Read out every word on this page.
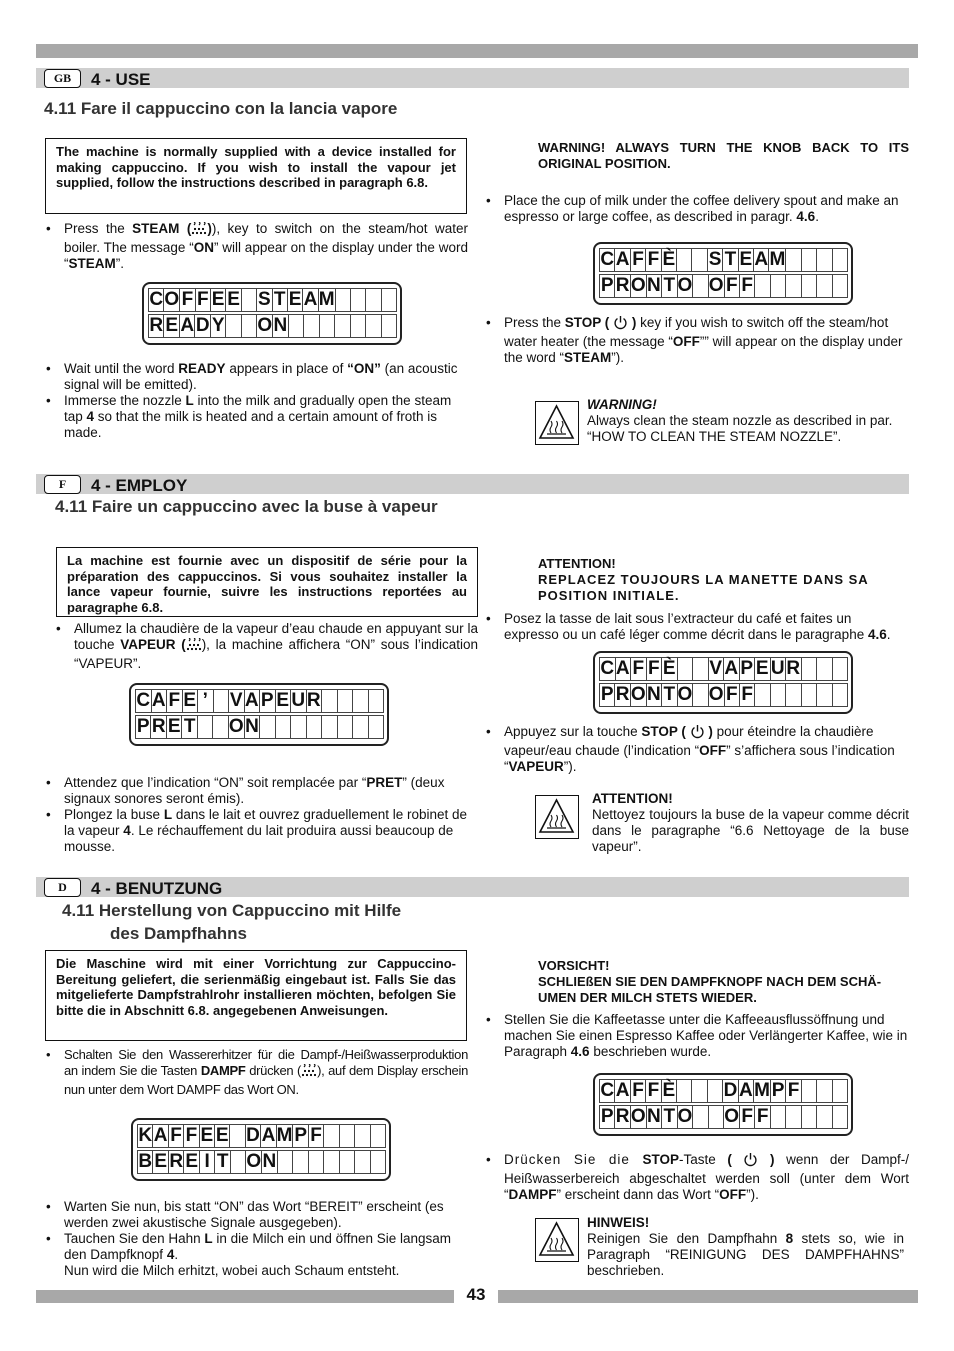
GB	4 - USE
4.11 Fare il cappuccino con la lancia vapore
The machine is normally supplied with a device installed for making cappuccino. If you wish to install the vapour jet supplied, follow the instructions described in paragraph 6.8.
• Press the STEAM ( )), key to switch on the steam/hot water boiler. The message “ON” will appear on the display under the word “STEAM”.
C O F F E E S T E A M
R E A D Y O N
• Wait until the word READY appears in place of “ON” (an acoustic signal will be emitted).
• Immerse the nozzle L into the milk and gradually open the steam tap 4 so that the milk is heated and a certain amount of froth is made.
WARNING! ALWAYS TURN THE KNOB BACK TO ITS ORIGINAL POSITION.
• Place the cup of milk under the coffee delivery spout and make an espresso or large coffee, as described in paragr. 4.6.
C A F F È S T E A M
P R O N T O O F F
• Press the STOP ( ) key if you wish to switch off the steam/hot water heater (the message “OFF”” will appear on the display under the word “STEAM”).
WARNING!
Always clean the steam nozzle as described in par. “HOW TO CLEAN THE STEAM NOZZLE”.
F	4 - EMPLOY
4.11 Faire un cappuccino avec la buse à vapeur
La machine est fournie avec un dispositif de série pour la préparation des cappuccinos. Si vous souhaitez installer la lance vapeur fournie, suivre les instructions reportées au paragraphe 6.8.
• Allumez la chaudière de la vapeur d’eau chaude en appuyant sur la touche VAPEUR ( ), la machine affichera “ON” sous l’indication “VAPEUR”.
C A F E ’ V A P E U R
P R E T O N
• Attendez que l’indication “ON” soit remplacée par “PRET” (deux signaux sonores seront émis).
• Plongez la buse L dans le lait et ouvrez graduellement le robinet de la vapeur 4. Le réchauffement du lait produira aussi beaucoup de mousse.
ATTENTION!
REPLACEZ TOUJOURS LA MANETTE DANS SA POSITION INITIALE.
• Posez la tasse de lait sous l’extracteur du café et faites un expresso ou un café léger comme décrit dans le paragraphe 4.6.
C A F F È V A P E U R
P R O N T O O F F
• Appuyez sur la touche STOP ( ) pour éteindre la chaudière vapeur/eau chaude (l’indication “OFF” s’affichera sous l’indication “VAPEUR”).
ATTENTION!
Nettoyez toujours la buse de la vapeur comme décrit dans le paragraphe “6.6 Nettoyage de la buse vapeur”.
D	4 - BENUTZUNG
4.11 Herstellung von Cappuccino mit Hilfe
des Dampfhahns
Die Maschine wird mit einer Vorrichtung zur Cappuccino-Bereitung geliefert, die serienmäßig eingebaut ist. Falls Sie das mitgelieferte Dampfstrahlrohr installieren möchten, befolgen Sie bitte die in Abschnitt 6.8. angegebenen Anweisungen.
• Schalten Sie den Wassererhitzer für die Dampf-/Heißwasserproduktion an indem Sie die Tasten DAMPF drücken ( ), auf dem Display erschein nun unter dem Wort DAMPF das Wort ON.
K A F F E E D A M P F
B E R E I T O N
• Warten Sie nun, bis statt “ON” das Wort “BEREIT” erscheint (es werden zwei akustische Signale ausgegeben).
• Tauchen Sie den Hahn L in die Milch ein und öffnen Sie langsam den Dampfknopf 4.
Nun wird die Milch erhitzt, wobei auch Schaum entsteht.
VORSICHT!
SCHLIEßEN SIE DEN DAMPFKNOPF NACH DEM SCHÄ-UMEN DER MILCH STETS WIEDER.
• Stellen Sie die Kaffeetasse unter die Kaffeeausflussöffnung und machen Sie einen Espresso Kaffee oder Verlängerter Kaffee, wie in Paragraph 4.6 beschrieben wurde.
C A F F È	D A M P F
P R O N T O O F F
• Drücken Sie die STOP-Taste (	) wenn der Dampf-/ Heißwasserbereich abgeschaltet werden soll (unter dem Wort “DAMPF” erscheint dann das Wort “OFF”).
HINWEIS!
Reinigen Sie den Dampfhahn 8 stets so, wie in Paragraph “REINIGUNG DES DAMPFHAHNS” beschrieben.
43
